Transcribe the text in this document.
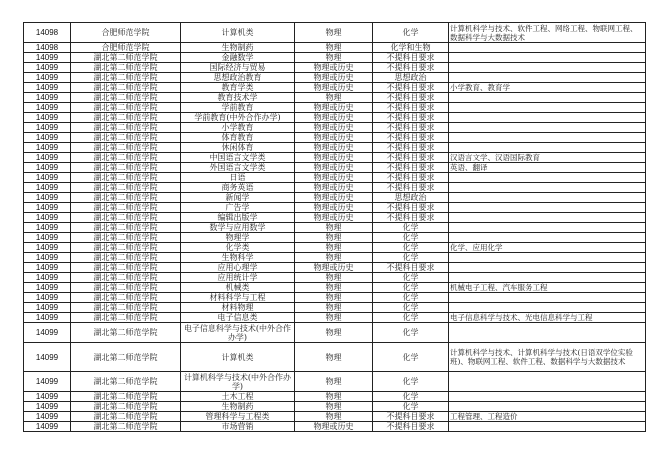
14098	合肥师范学院	计算机类	物理	化学	计算机科学与技术、软件工程、网络工程、物联网工程、数据科学与大数据技术
14098	合肥师范学院	生物制药	物理	化学和生物	
14099	湖北第二师范学院	金融数学	物理	不提科目要求	
14099	湖北第二师范学院	国际经济与贸易	物理或历史	不提科目要求	
14099	湖北第二师范学院	思想政治教育	物理或历史	思想政治	
14099	湖北第二师范学院	教育学类	物理或历史	不提科目要求	小学教育、教育学
14099	湖北第二师范学院	教育技术学	物理	不提科目要求	
14099	湖北第二师范学院	学前教育	物理或历史	不提科目要求	
14099	湖北第二师范学院	学前教育(中外合作办学)	物理或历史	不提科目要求	
14099	湖北第二师范学院	小学教育	物理或历史	不提科目要求	
14099	湖北第二师范学院	体育教育	物理或历史	不提科目要求	
14099	湖北第二师范学院	休闲体育	物理或历史	不提科目要求	
14099	湖北第二师范学院	中国语言文学类	物理或历史	不提科目要求	汉语言文学、汉语国际教育
14099	湖北第二师范学院	外国语言文学类	物理或历史	不提科目要求	英语、翻译
14099	湖北第二师范学院	日语	物理或历史	不提科目要求	
14099	湖北第二师范学院	商务英语	物理或历史	不提科目要求	
14099	湖北第二师范学院	新闻学	物理或历史	思想政治	
14099	湖北第二师范学院	广告学	物理或历史	不提科目要求	
14099	湖北第二师范学院	编辑出版学	物理或历史	不提科目要求	
14099	湖北第二师范学院	数学与应用数学	物理	化学	
14099	湖北第二师范学院	物理学	物理	化学	
14099	湖北第二师范学院	化学类	物理	化学	化学、应用化学
14099	湖北第二师范学院	生物科学	物理	化学	
14099	湖北第二师范学院	应用心理学	物理或历史	不提科目要求	
14099	湖北第二师范学院	应用统计学	物理	化学	
14099	湖北第二师范学院	机械类	物理	化学	机械电子工程、汽车服务工程
14099	湖北第二师范学院	材料科学与工程	物理	化学	
14099	湖北第二师范学院	材料物理	物理	化学	
14099	湖北第二师范学院	电子信息类	物理	化学	电子信息科学与技术、光电信息科学与工程
14099	湖北第二师范学院	电子信息科学与技术(中外合作办学)	物理	化学	
14099	湖北第二师范学院	计算机类	物理	化学	计算机科学与技术、计算机科学与技术(日语双学位实验班)、物联网工程、软件工程、数据科学与大数据技术
14099	湖北第二师范学院	计算机科学与技术(中外合作办学)	物理	化学	
14099	湖北第二师范学院	土木工程	物理	化学	
14099	湖北第二师范学院	生物制药	物理	化学	
14099	湖北第二师范学院	管理科学与工程类	物理	不提科目要求	工程管理、工程造价
14099	湖北第二师范学院	市场营销	物理或历史	不提科目要求	
